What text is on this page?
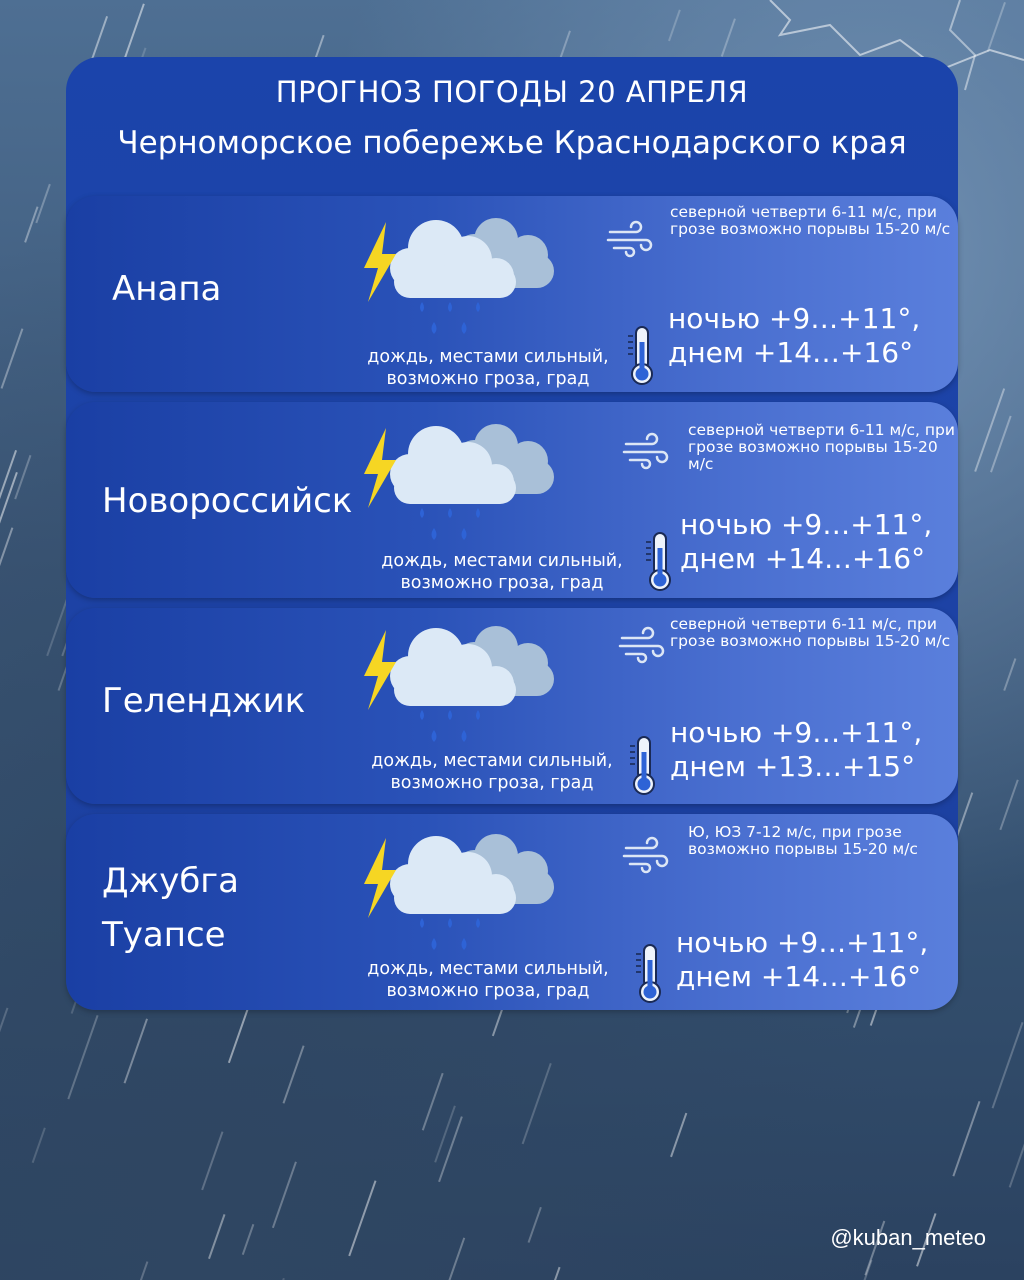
ПРОГНОЗ ПОГОДЫ 20 АПРЕЛЯ
Черноморское побережье Краснодарского края
Анапа
дождь, местами сильный, возможно гроза, град
северной четверти 6-11 м/с, при грозе возможно порывы 15-20 м/с
ночью +9…+11°,
днем +14…+16°
Новороссийск
дождь, местами сильный, возможно гроза, град
северной четверти 6-11 м/с, при грозе возможно порывы 15-20 м/с
ночью +9…+11°,
днем +14…+16°
Геленджик
дождь, местами сильный, возможно гроза, град
северной четверти 6-11 м/с, при грозе возможно порывы 15-20 м/с
ночью +9…+11°,
днем +13…+15°
Джубга
Туапсе
дождь, местами сильный, возможно гроза, град
Ю, ЮЗ 7-12 м/с, при грозе возможно порывы 15-20 м/с
ночью +9…+11°,
днем +14…+16°
@kuban_meteo
